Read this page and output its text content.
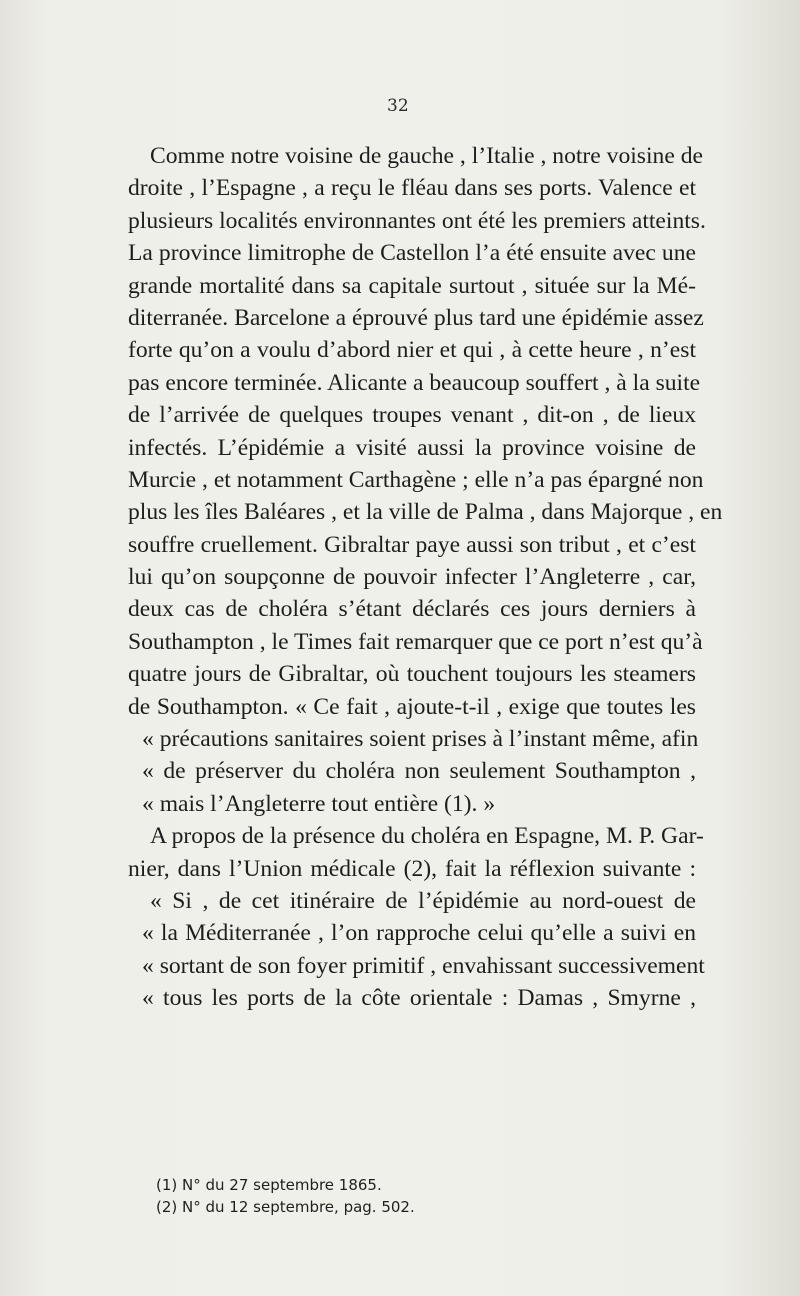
32
Comme notre voisine de gauche , l’Italie , notre voisine de
droite , l’Espagne , a reçu le fléau dans ses ports. Valence et
plusieurs localités environnantes ont été les premiers atteints.
La province limitrophe de Castellon l’a été ensuite avec une
grande mortalité dans sa capitale surtout , située sur la Mé-
diterranée. Barcelone a éprouvé plus tard une épidémie assez
forte qu’on a voulu d’abord nier et qui , à cette heure , n’est
pas encore terminée. Alicante a beaucoup souffert , à la suite
de l’arrivée de quelques troupes venant , dit-on , de lieux
infectés. L’épidémie a visité aussi la province voisine de
Murcie , et notamment Carthagène ; elle n’a pas épargné non
plus les îles Baléares , et la ville de Palma , dans Majorque , en
souffre cruellement. Gibraltar paye aussi son tribut , et c’est
lui qu’on soupçonne de pouvoir infecter l’Angleterre , car,
deux cas de choléra s’étant déclarés ces jours derniers à
Southampton , le Times fait remarquer que ce port n’est qu’à
quatre jours de Gibraltar, où touchent toujours les steamers
de Southampton. « Ce fait , ajoute-t-il , exige que toutes les
« précautions sanitaires soient prises à l’instant même, afin
« de préserver du choléra non seulement Southampton ,
« mais l’Angleterre tout entière (1). »
A propos de la présence du choléra en Espagne, M. P. Gar-
nier, dans l’Union médicale (2), fait la réflexion suivante :
« Si , de cet itinéraire de l’épidémie au nord-ouest de
« la Méditerranée , l’on rapproche celui qu’elle a suivi en
« sortant de son foyer primitif , envahissant successivement
« tous les ports de la côte orientale : Damas , Smyrne ,
(1) N° du 27 septembre 1865.
(2) N° du 12 septembre, pag. 502.
